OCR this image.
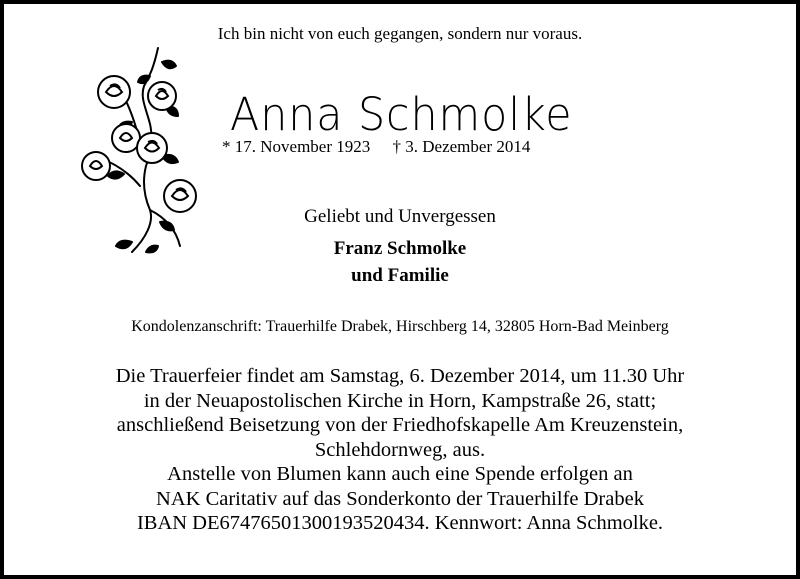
Ich bin nicht von euch gegangen, sondern nur voraus.
Anna Schmolke
* 17. November 1923 † 3. Dezember 2014
Geliebt und Unvergessen
Franz Schmolke
und Familie
Kondolenzanschrift: Trauerhilfe Drabek, Hirschberg 14, 32805 Horn-Bad Meinberg
Die Trauerfeier findet am Samstag, 6. Dezember 2014, um 11.30 Uhr
in der Neuapostolischen Kirche in Horn, Kampstraße 26, statt;
anschließend Beisetzung von der Friedhofskapelle Am Kreuzenstein,
Schlehdornweg, aus.
Anstelle von Blumen kann auch eine Spende erfolgen an
NAK Caritativ auf das Sonderkonto der Trauerhilfe Drabek
IBAN DE67476501300193520434. Kennwort: Anna Schmolke.
